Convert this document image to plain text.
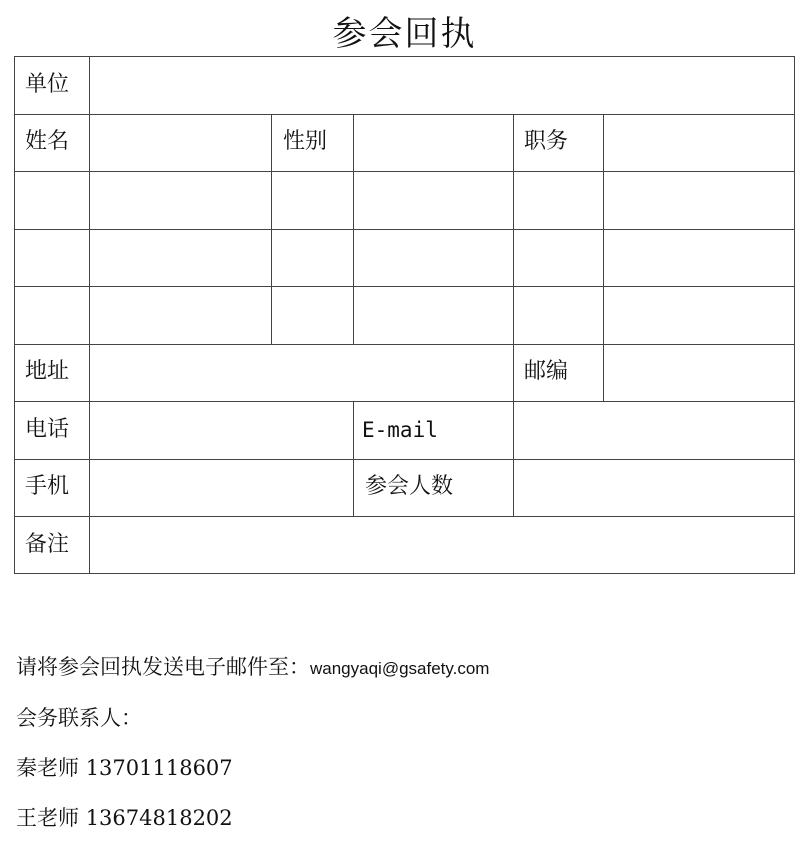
参会回执
单位
姓名	性别	职务
地址	邮编
电话	E-mail
手机	参会人数
备注
请将参会回执发送电子邮件至：wangyaqi@gsafety.com
会务联系人：
秦老师 13701118607
王老师 13674818202
